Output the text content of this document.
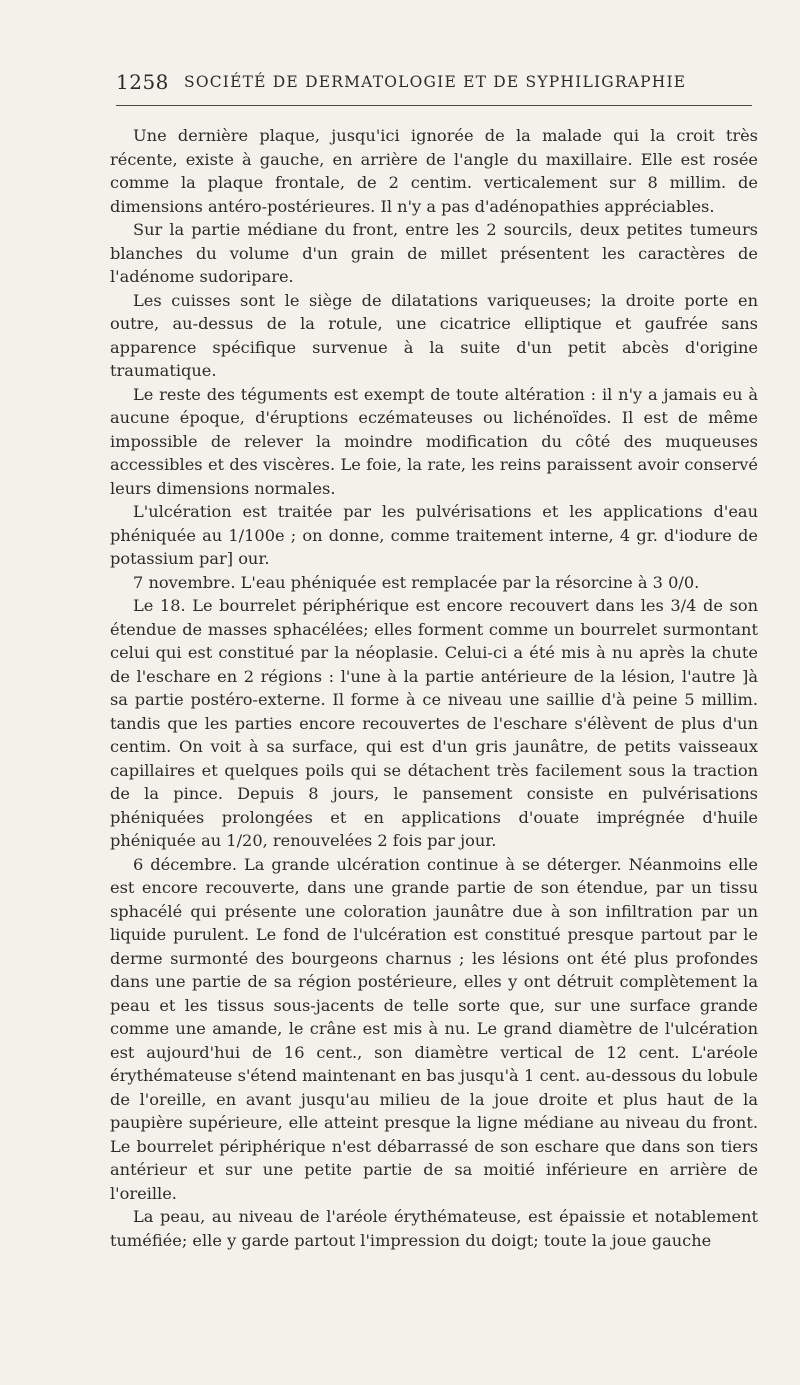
1258 SOCIÉTÉ DE DERMATOLOGIE ET DE SYPHILIGRAPHIE

Une dernière plaque, jusqu'ici ignorée de la malade qui la croit très récente, existe à gauche, en arrière de l'angle du maxillaire. Elle est rosée comme la plaque frontale, de 2 centim. verticalement sur 8 millim. de dimensions antéro-postérieures. Il n'y a pas d'adénopathies appréciables.

Sur la partie médiane du front, entre les 2 sourcils, deux petites tumeurs blanches du volume d'un grain de millet présentent les caractères de l'adénome sudoripare.

Les cuisses sont le siège de dilatations variqueuses; la droite porte en outre, au-dessus de la rotule, une cicatrice elliptique et gaufrée sans apparence spécifique survenue à la suite d'un petit abcès d'origine traumatique.

Le reste des téguments est exempt de toute altération : il n'y a jamais eu à aucune époque, d'éruptions eczémateuses ou lichénoïdes. Il est de même impossible de relever la moindre modification du côté des muqueuses accessibles et des viscères. Le foie, la rate, les reins paraissent avoir conservé leurs dimensions normales.

L'ulcération est traitée par les pulvérisations et les applications d'eau phéniquée au 1/100e ; on donne, comme traitement interne, 4 gr. d'iodure de potassium par] our.

7 novembre. L'eau phéniquée est remplacée par la résorcine à 3 0/0.

Le 18. Le bourrelet périphérique est encore recouvert dans les 3/4 de son étendue de masses sphacélées; elles forment comme un bourrelet surmontant celui qui est constitué par la néoplasie. Celui-ci a été mis à nu après la chute de l'eschare en 2 régions : l'une à la partie antérieure de la lésion, l'autre ]à sa partie postéro-externe. Il forme à ce niveau une saillie d'à peine 5 millim. tandis que les parties encore recouvertes de l'eschare s'élèvent de plus d'un centim. On voit à sa surface, qui est d'un gris jaunâtre, de petits vaisseaux capillaires et quelques poils qui se détachent très facilement sous la traction de la pince. Depuis 8 jours, le pansement consiste en pulvérisations phéniquées prolongées et en applications d'ouate imprégnée d'huile phéniquée au 1/20, renouvelées 2 fois par jour.

6 décembre. La grande ulcération continue à se déterger. Néanmoins elle est encore recouverte, dans une grande partie de son étendue, par un tissu sphacélé qui présente une coloration jaunâtre due à son infiltration par un liquide purulent. Le fond de l'ulcération est constitué presque partout par le derme surmonté des bourgeons charnus ; les lésions ont été plus profondes dans une partie de sa région postérieure, elles y ont détruit complètement la peau et les tissus sous-jacents de telle sorte que, sur une surface grande comme une amande, le crâne est mis à nu. Le grand diamètre de l'ulcération est aujourd'hui de 16 cent., son diamètre vertical de 12 cent. L'aréole érythémateuse s'étend maintenant en bas jusqu'à 1 cent. au-dessous du lobule de l'oreille, en avant jusqu'au milieu de la joue droite et plus haut de la paupière supérieure, elle atteint presque la ligne médiane au niveau du front. Le bourrelet périphérique n'est débarrassé de son eschare que dans son tiers antérieur et sur une petite partie de sa moitié inférieure en arrière de l'oreille.

La peau, au niveau de l'aréole érythémateuse, est épaissie et notablement tuméfiée; elle y garde partout l'impression du doigt; toute la joue gauche
